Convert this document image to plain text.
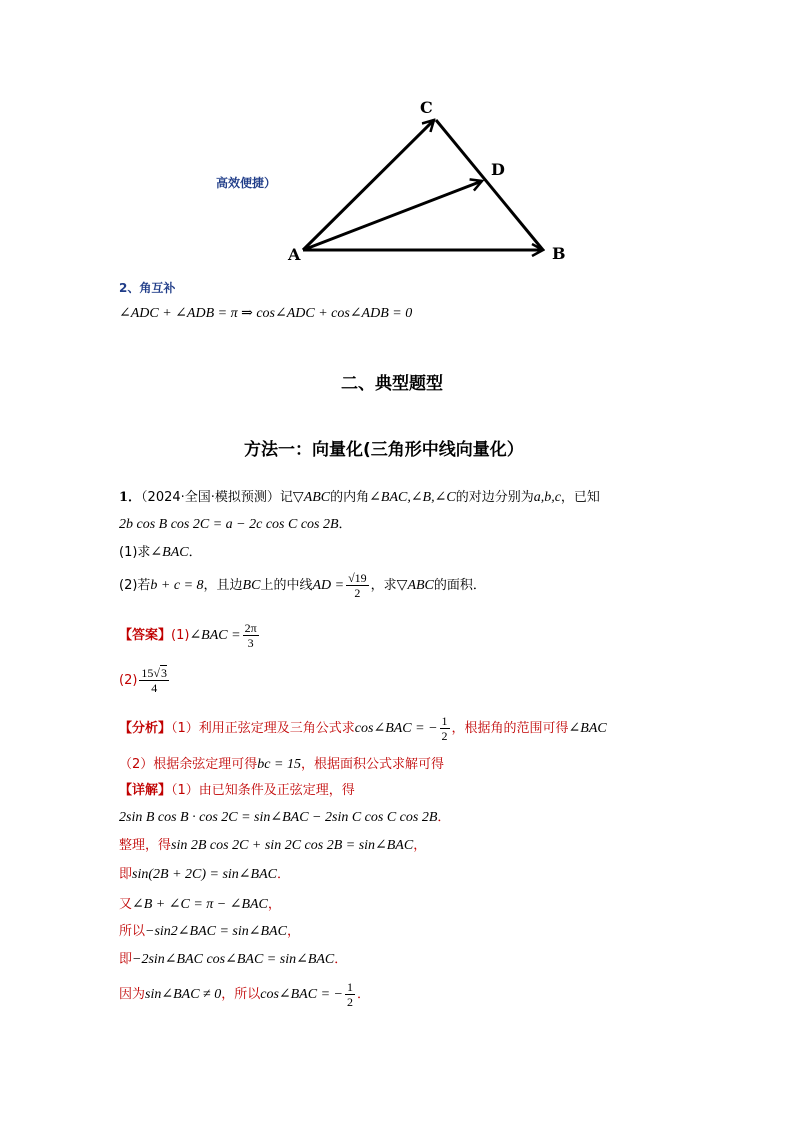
C
D
A	B
高效便捷）
2、角互补
∠ADC + ∠ADB = π ⇒ cos∠ADC + cos∠ADB = 0
二、典型题型
方法一：向量化(三角形中线向量化）
1．（2024·全国·模拟预测）记▽ABC的内角∠BAC,∠B,∠C的对边分别为a,b,c，已知
2b cos B cos 2C = a − 2c cos C cos 2B．
(1)求∠BAC．
(2)若b + c = 8，且边BC上的中线AD = $\frac{√19}{2}$ ，求▽ABC的面积．
【答案】(1)∠BAC = $\frac{2\pi}{3}$
$(2) \frac{15√3}{4}$
【分析】（1）利用正弦定理及三角公式求cos∠BAC = − $\frac{1}{2}$ ，根据角的范围可得∠BAC
（2）根据余弦定理可得bc = 15，根据面积公式求解可得
【详解】（1）由已知条件及正弦定理，得
2sin B cos B · cos 2C = sin∠BAC − 2sin C cos C cos 2B．
整理，得sin 2B cos 2C + sin 2C cos 2B = sin∠BAC，
即sin(2B + 2C) = sin∠BAC．
又∠B + ∠C = π − ∠BAC，
所以−sin2∠BAC = sin∠BAC，
即−2sin∠BAC cos∠BAC = sin∠BAC．
因为sin∠BAC ≠ 0，所以cos∠BAC = − $\frac{1}{2}$ ．
